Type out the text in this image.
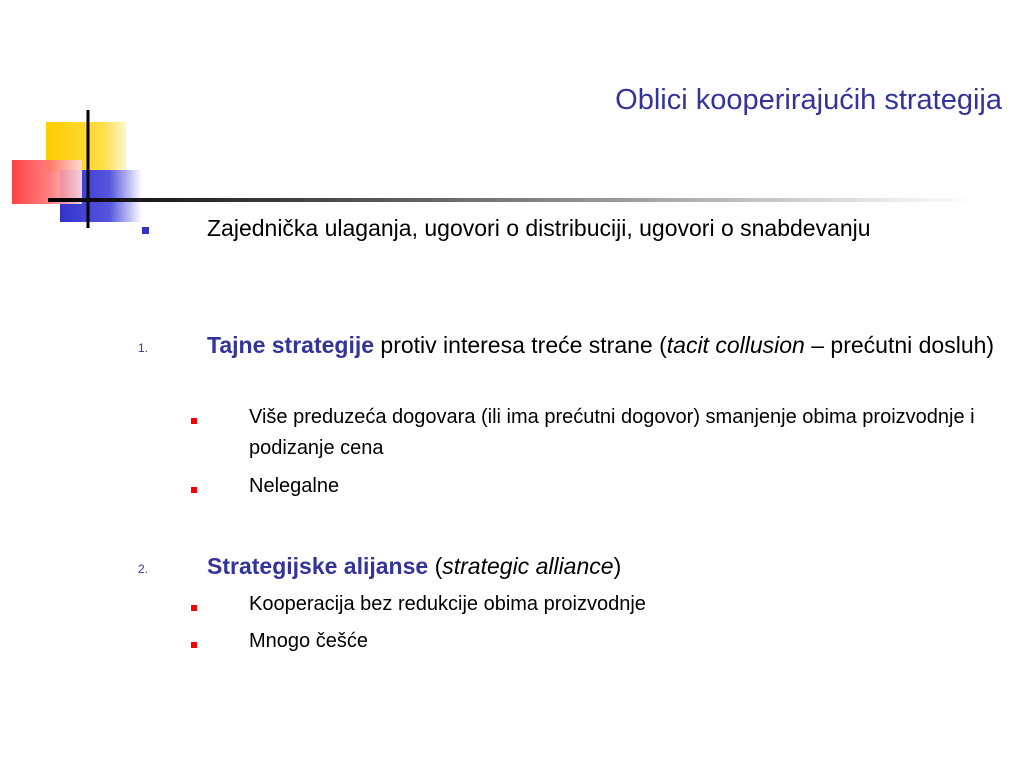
Oblici kooperirajućih strategija
Zajednička ulaganja, ugovori o distribuciji, ugovori o snabdevanju
1.	Tajne strategije protiv interesa treće strane (tacit collusion – prećutni dosluh)
Više preduzeća dogovara (ili ima prećutni dogovor) smanjenje obima proizvodnje i podizanje cena
Nelegalne
2.	Strategijske alijanse (strategic alliance)
Kooperacija bez redukcije obima proizvodnje
Mnogo češće
